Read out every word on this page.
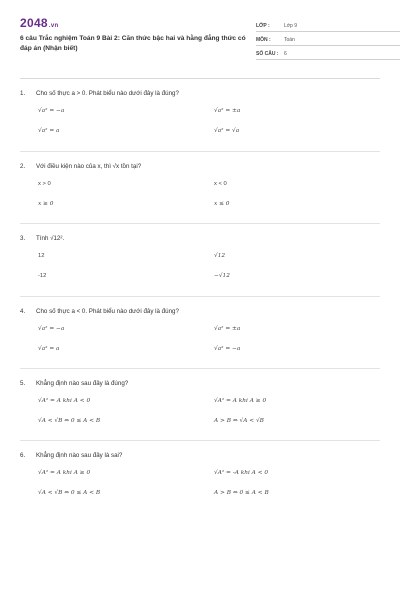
2048.vn
6 câu Trắc nghiệm Toán 9 Bài 2: Căn thức bậc hai và hằng đẳng thức có đáp án (Nhận biết)
LỚP :	Lớp 9
MÔN :	Toán
SỐ CÂU :	6
1.	Cho số thực a > 0. Phát biểu nào dưới đây là đúng?
√a² = −a	√a² = ±a
√a² = a	√a² = √a
2.	Với điều kiện nào của x, thì √x tồn tại?
x > 0	x < 0
x ≥ 0	x ≤ 0
3.	Tính √12².
12	√12
-12	−√12
4.	Cho số thực a < 0. Phát biểu nào dưới đây là đúng?
√a² = −a	√a² = ±a
√a² = a	√a² = −a
5.	Khẳng định nào sau đây là đúng?
√A² = A khi A < 0	√A² = A khi A ≥ 0
√A < √B ⇔ 0 ≤ A < B	A > B ⇔ √A < √B
6.	Khẳng định nào sau đây là sai?
√A² = A khi A ≥ 0	√A² = -A khi A < 0
√A < √B ⇔ 0 ≤ A < B	A > B ⇔ 0 ≤ A < B
